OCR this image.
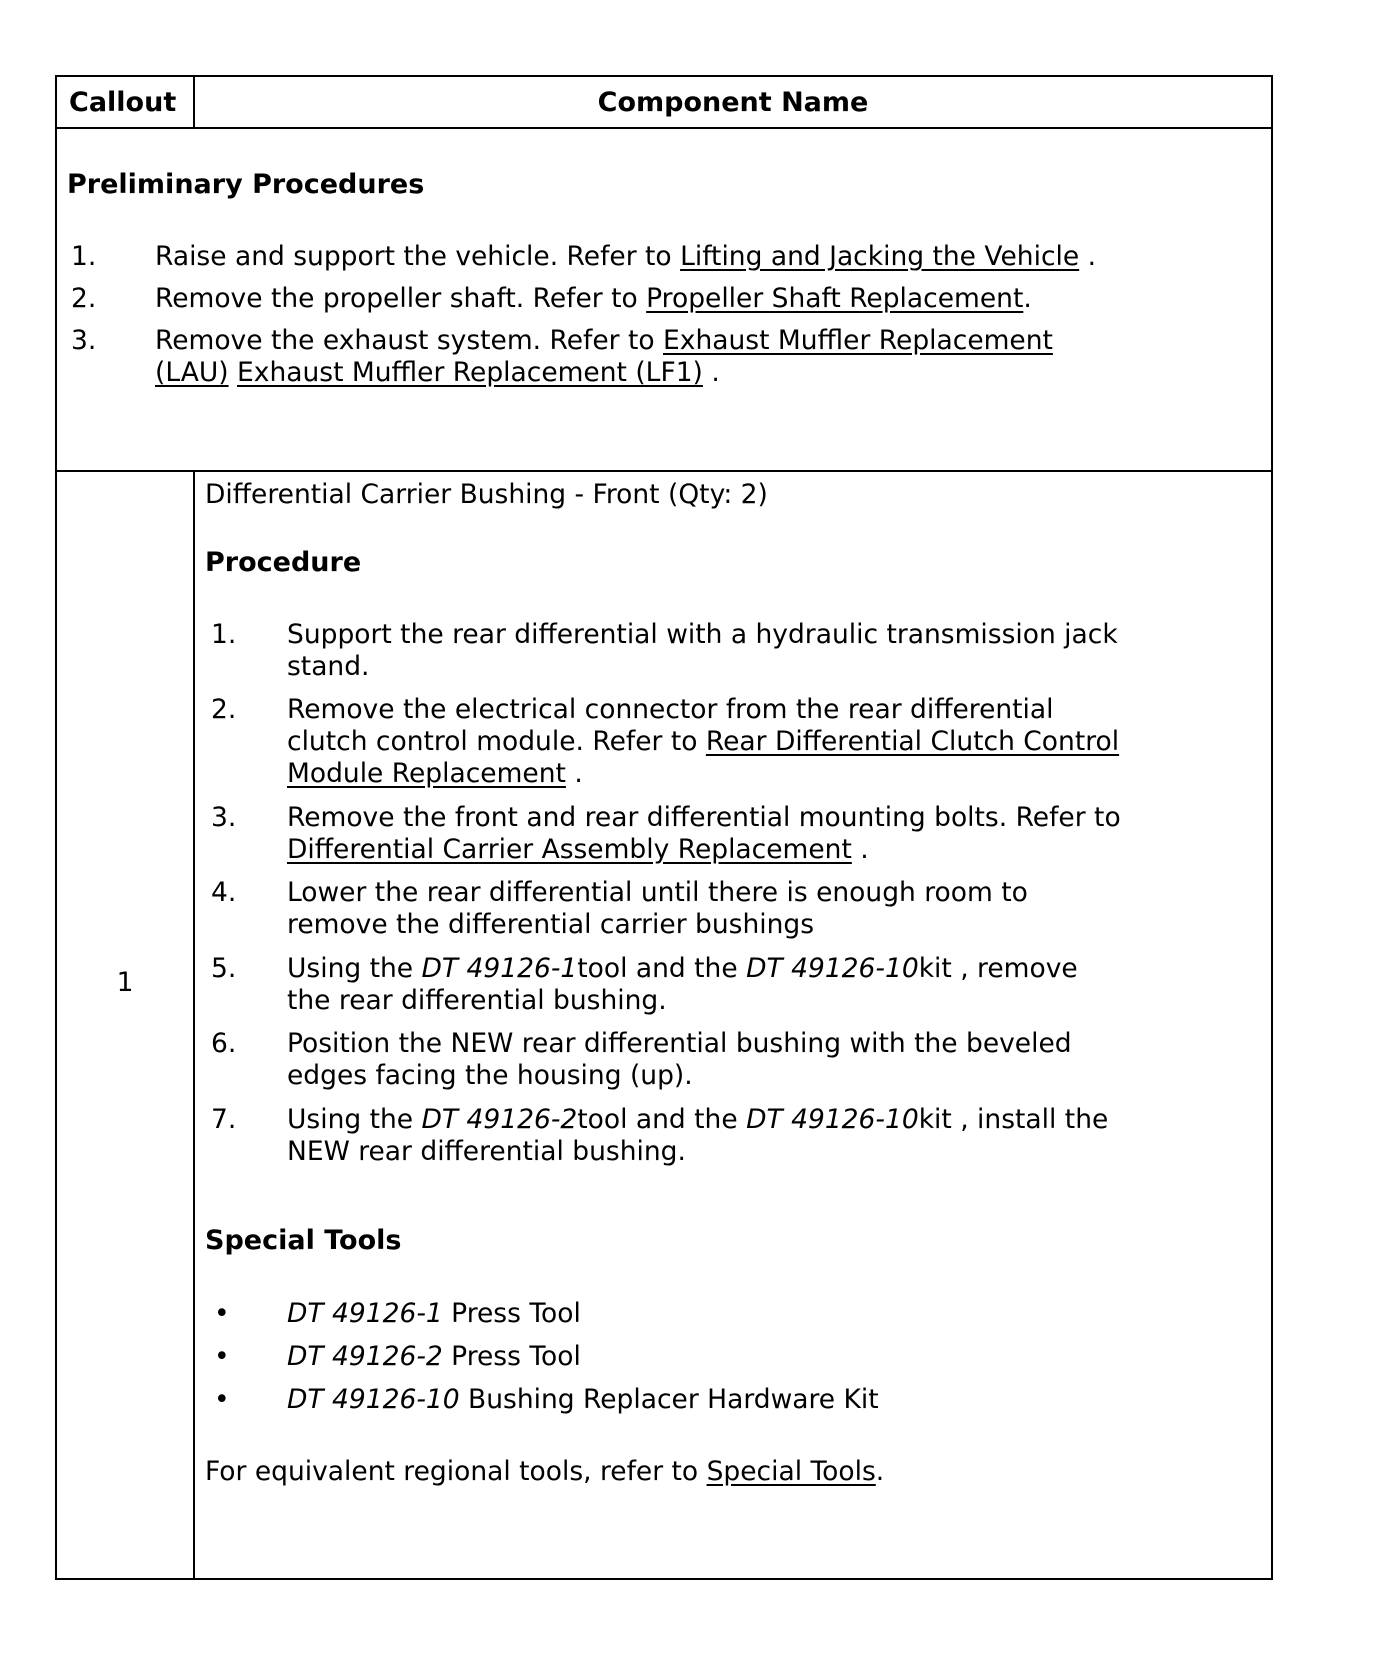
Callout	Component Name
Preliminary Procedures
1. Raise and support the vehicle. Refer to Lifting and Jacking the Vehicle .
2. Remove the propeller shaft. Refer to Propeller Shaft Replacement.
3. Remove the exhaust system. Refer to Exhaust Muffler Replacement
(LAU) Exhaust Muffler Replacement (LF1) .
1
Differential Carrier Bushing - Front (Qty: 2)
Procedure
1. Support the rear differential with a hydraulic transmission jack
stand.
2. Remove the electrical connector from the rear differential
clutch control module. Refer to Rear Differential Clutch Control
Module Replacement .
3. Remove the front and rear differential mounting bolts. Refer to
Differential Carrier Assembly Replacement .
4. Lower the rear differential until there is enough room to
remove the differential carrier bushings
5. Using the DT 49126-1tool and the DT 49126-10kit , remove
the rear differential bushing.
6. Position the NEW rear differential bushing with the beveled
edges facing the housing (up).
7. Using the DT 49126-2tool and the DT 49126-10kit , install the
NEW rear differential bushing.
Special Tools
• DT 49126-1 Press Tool
• DT 49126-2 Press Tool
• DT 49126-10 Bushing Replacer Hardware Kit
For equivalent regional tools, refer to Special Tools.
